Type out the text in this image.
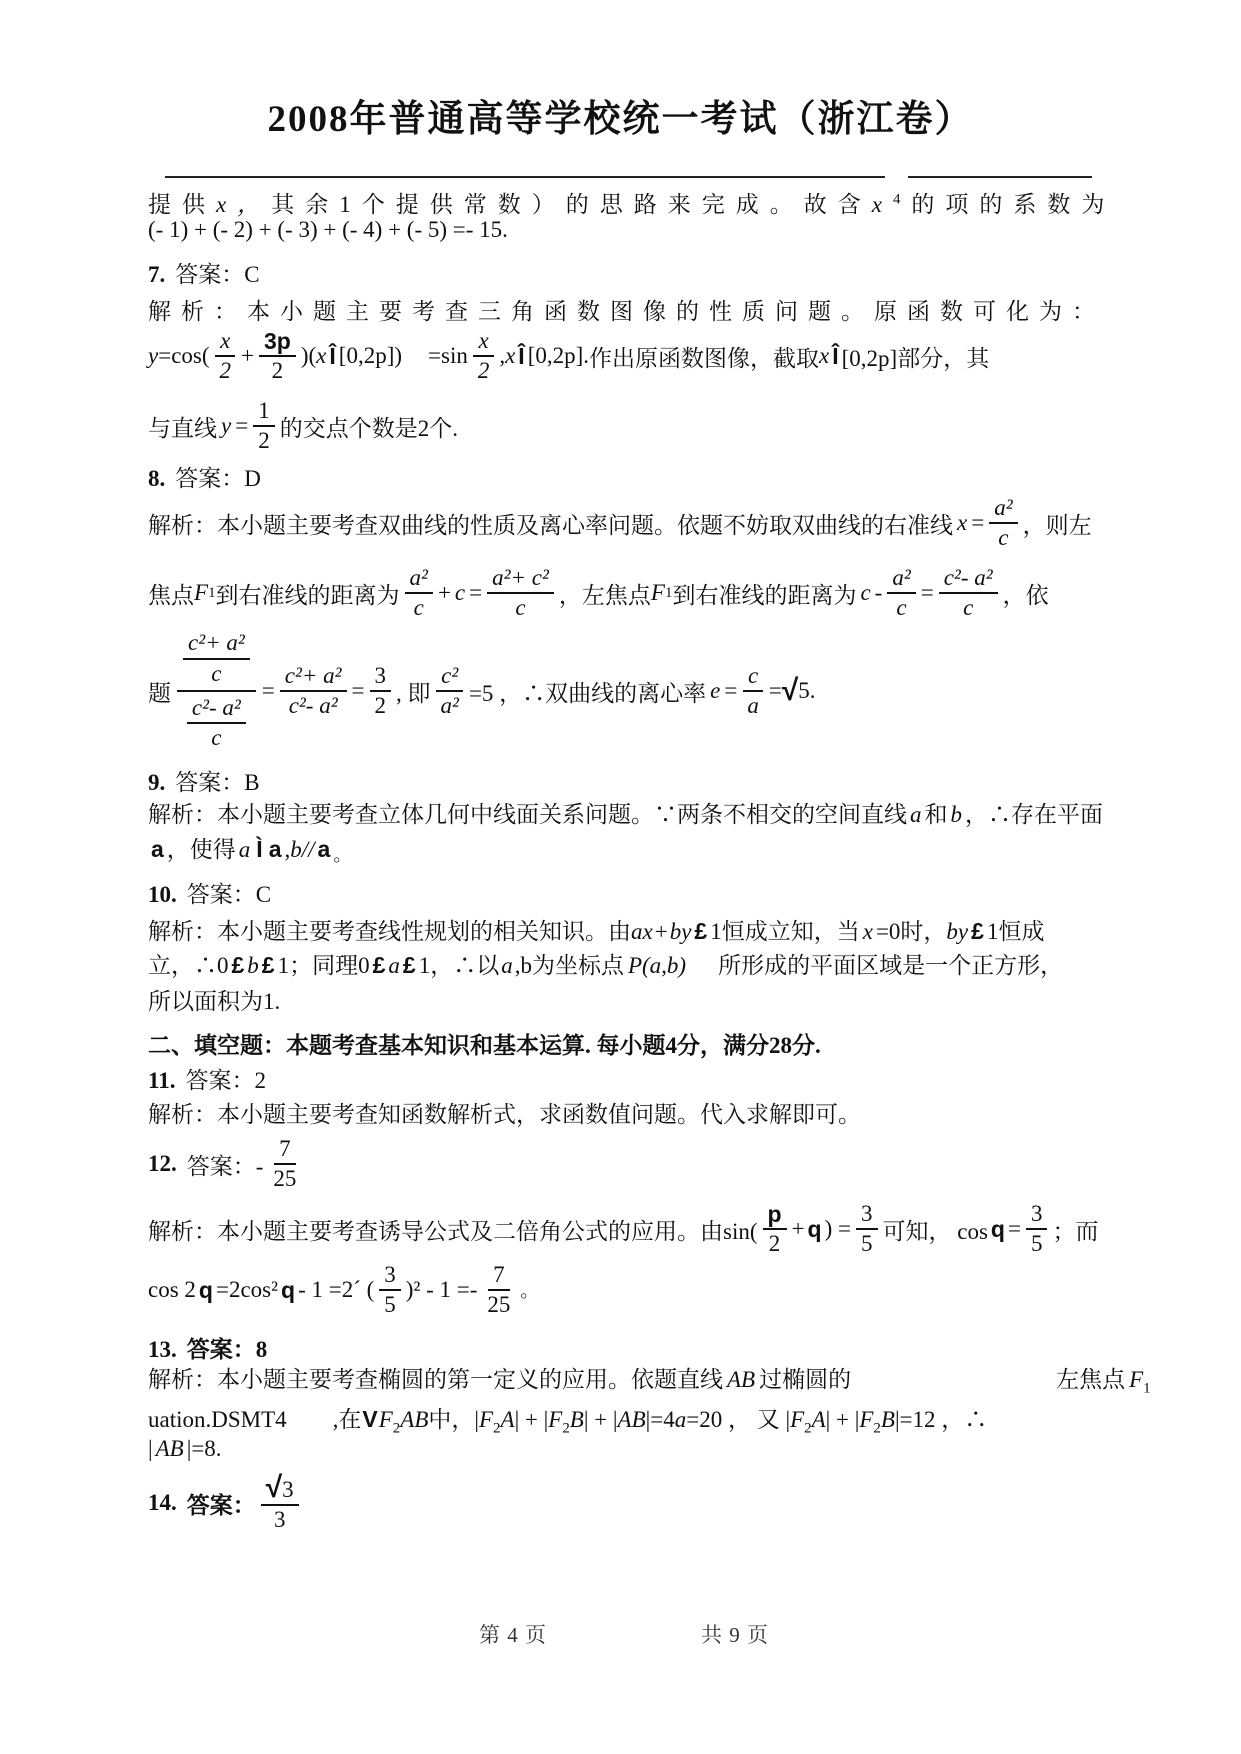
2008年普通高等学校统一考试（浙江卷）
提供x，其余1个提供常数）的思路来完成。故含$x^4$的项的系数为
(- 1) + (- 2) + (- 3) + (- 4) + (- 5) =- 15.
7. 答案：C
解析：本小题主要考查三角函数图像的性质问题。原函数可化为：
$y =\cos( \frac{x}{2} + \frac{3p}{2}$ )( x Î $[0,2p]) =\sin \frac{x}{2}$ , x Î [0,2p]. 作出原函数图像，截取 x Î [0,2p]部分，其
与直线 $y = \frac{1}{2}$ 的交点个数是2个.
8. 答案：D
解析：本小题主要考查双曲线的性质及离心率问题。依题不妨取双曲线的右准线 $x = \frac{\text{a²}}{c}$ ，则左
焦点 F 1 到右准线的距离为 $\frac{\text{a²}}{c} + c = \frac{\text{a²+ c²}}{c}$ ，左焦点 F 1 到右准线的距离为 $c - \frac{\text{a²}}{c} = \frac{\text{c²- a²}}{c}$ ，依
题 $\frac{\frac{\text{c²+ a²}}{c}}{\frac{\text{c²- a²}}{c}} = \frac{\text{c²+ a²}}{\text{c²- a²}} = \frac{3}{2}$ , 即 $\frac{\text{c²}}{\text{a²}} =5$ ，∴双曲线的离心率 $e = \frac{c}{a}$ = √ 5.
9. 答案：B
解析：本小题主要考查立体几何中线面关系问题。∵两条不相交的空间直线 a 和 b ，∴存在平面
a ，使得 a Ì a ,b// a 。
10. 答案：C
解析：本小题主要考查线性规划的相关知识。由ax+by £ 1恒成立知，当 x =0时，by £ 1恒成
立，∴0 £ b £ 1；同理0 £ a £ 1，∴以a,b为坐标点 P(a,b) 所形成的平面区域是一个正方形，
所以面积为1.
二、填空题：本题考查基本知识和基本运算. 每小题4分，满分28分.
11. 答案：2
解析：本小题主要考查知函数解析式，求函数值问题。代入求解即可。
12. 答案：- $\frac{7}{25}$
解析：本小题主要考查诱导公式及二倍角公式的应用。由$\sin( \frac{p}{2} + q$ ) = $\frac{3}{5}$ 可知， $\cos q = \frac{3}{5}$ ；而
cos 2 q =2cos² q - 1 =2´ ( $\frac{3}{5} )^2 - 1 =- \frac{7}{25}$ 。
13. 答案：8
解析：本小题主要考查椭圆的第一定义的应用。依题直线 AB 过椭圆的	左焦点 $F_1$
uation.DSMT4 ,在$VF_2AB$中，$|F_2A| + |F_2B| + |AB|=4a=20$ ， 又 $|F_2A| + |F_2B|=12$ ，∴
| AB |=8.
14. 答案： $\frac{√3}{3}$
第 4 页	共 9 页
